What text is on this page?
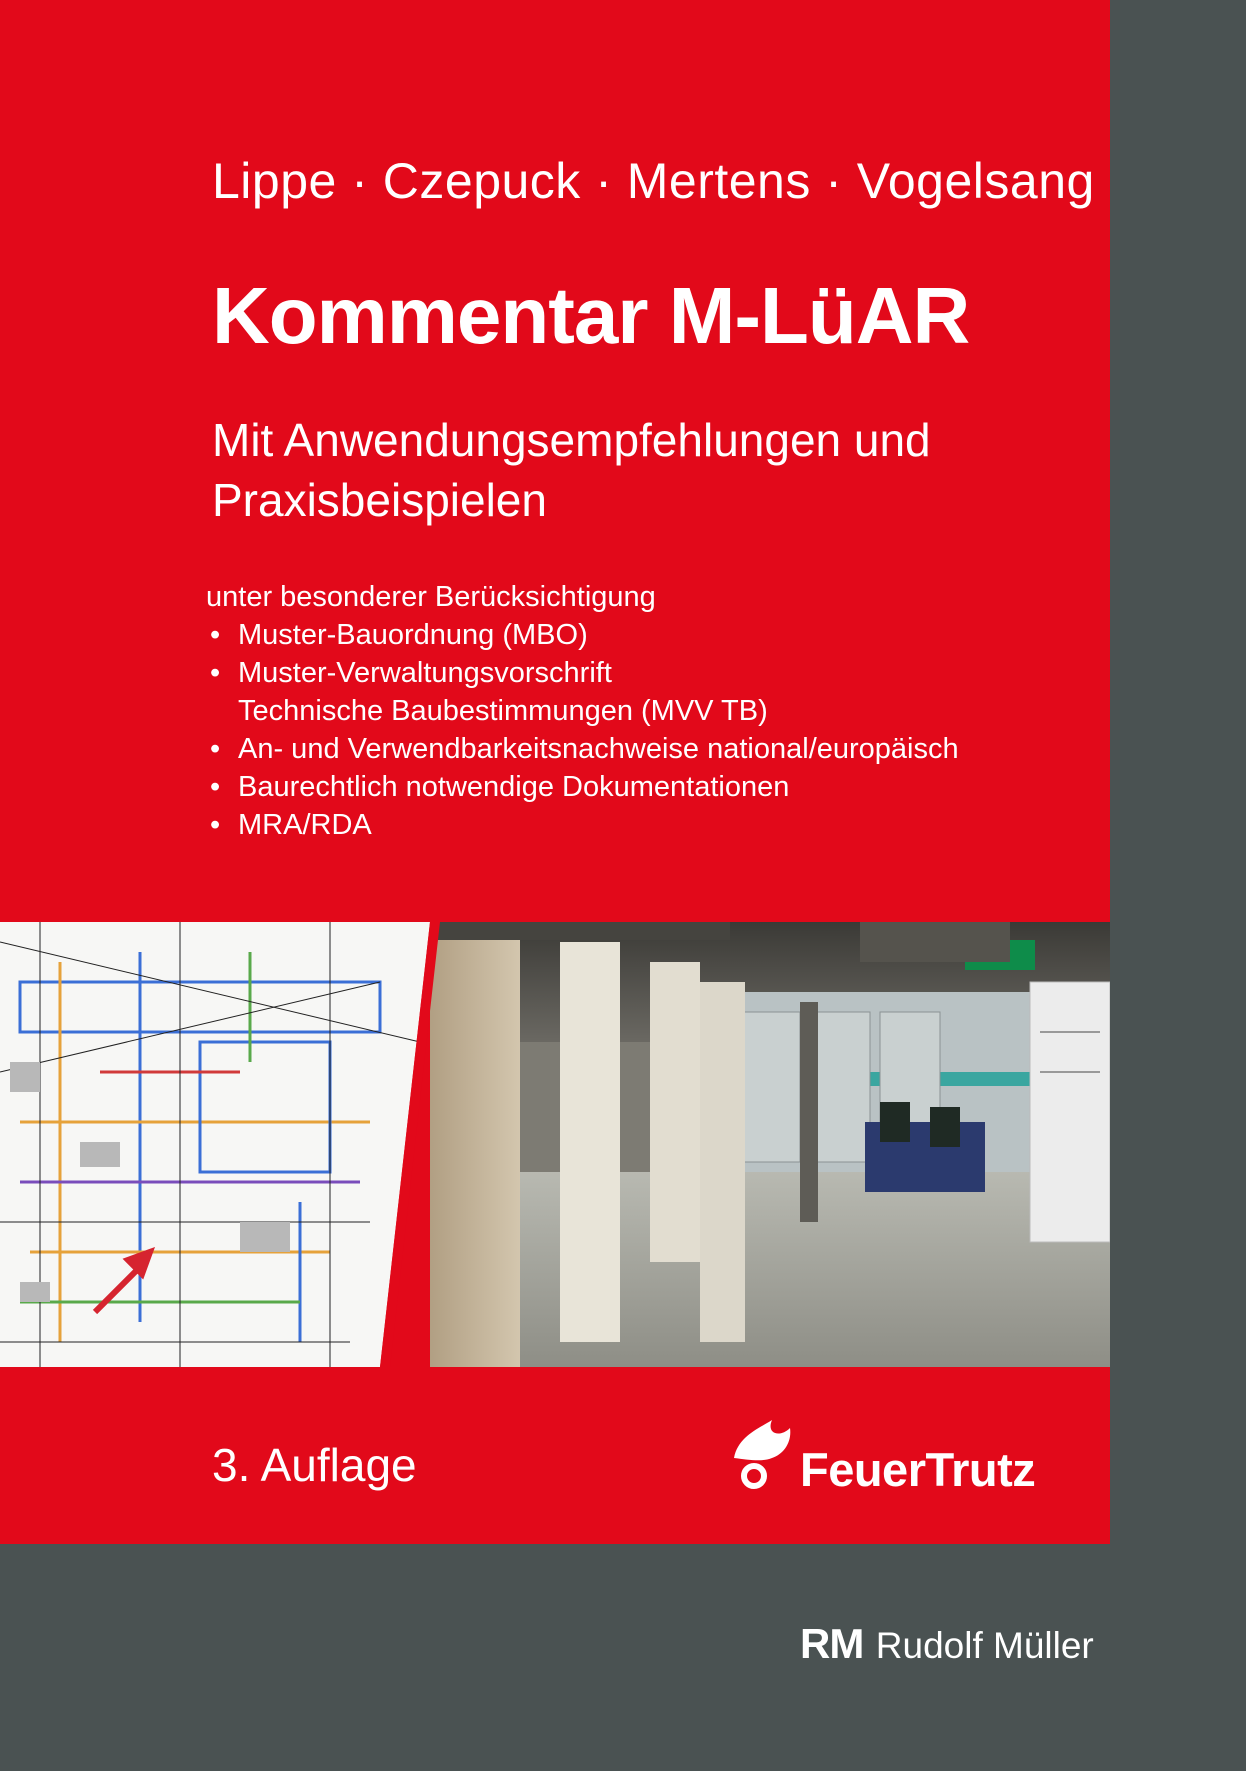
Lippe · Czepuck · Mertens · Vogelsang
Kommentar M-LüAR
Mit Anwendungsempfehlungen und
Praxisbeispielen
unter besonderer Berücksichtigung
• Muster-Bauordnung (MBO)
• Muster-Verwaltungsvorschrift
Technische Baubestimmungen (MVV TB)
• An- und Verwendbarkeitsnachweise national/europäisch
• Baurechtlich notwendige Dokumentationen
• MRA/RDA
3. Auflage	FeuerTrutz
RM Rudolf Müller
